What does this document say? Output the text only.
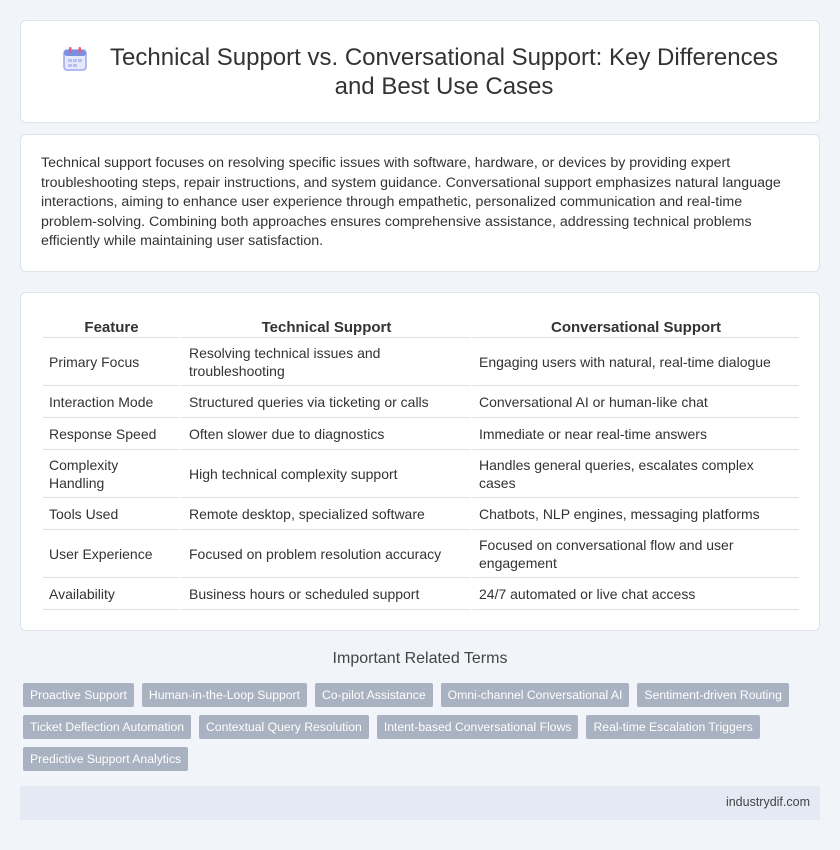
Technical Support vs. Conversational Support: Key Differences and Best Use Cases

Technical support focuses on resolving specific issues with software, hardware, or devices by providing expert troubleshooting steps, repair instructions, and system guidance. Conversational support emphasizes natural language interactions, aiming to enhance user experience through empathetic, personalized communication and real-time problem-solving. Combining both approaches ensures comprehensive assistance, addressing technical problems efficiently while maintaining user satisfaction.

Feature	Technical Support	Conversational Support
Primary Focus	Resolving technical issues and troubleshooting	Engaging users with natural, real-time dialogue
Interaction Mode	Structured queries via ticketing or calls	Conversational AI or human-like chat
Response Speed	Often slower due to diagnostics	Immediate or near real-time answers
Complexity Handling	High technical complexity support	Handles general queries, escalates complex cases
Tools Used	Remote desktop, specialized software	Chatbots, NLP engines, messaging platforms
User Experience	Focused on problem resolution accuracy	Focused on conversational flow and user engagement
Availability	Business hours or scheduled support	24/7 automated or live chat access
Important Related Terms
Proactive Support	Human-in-the-Loop Support	Co-pilot Assistance	Omni-channel Conversational AI	Sentiment-driven Routing
Ticket Deflection Automation	Contextual Query Resolution	Intent-based Conversational Flows	Real-time Escalation Triggers
Predictive Support Analytics
industrydif.com
